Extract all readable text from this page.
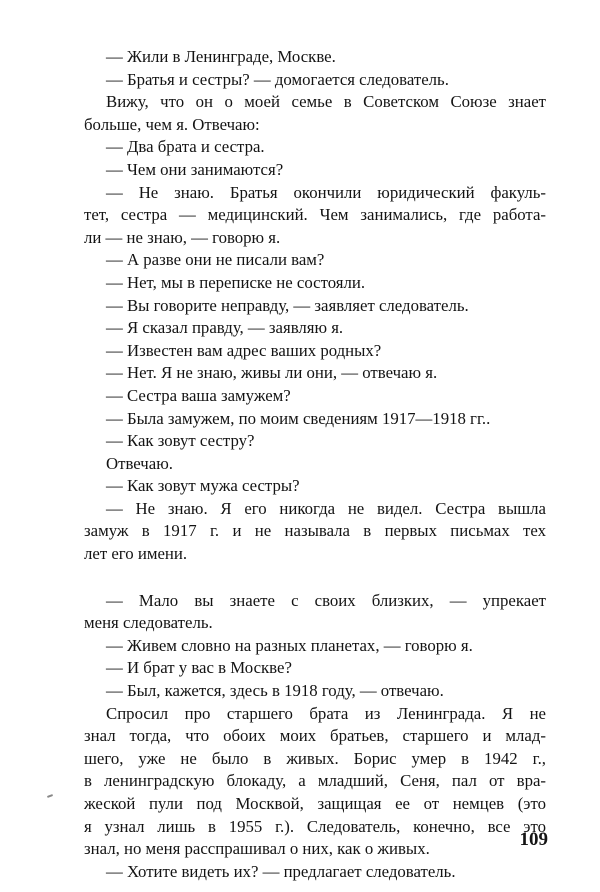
— Жили в Ленинграде, Москве.
— Братья и сестры? — домогается следователь.
Вижу, что он о моей семье в Советском Союзе знает
больше, чем я. Отвечаю:
— Два брата и сестра.
— Чем они занимаются?
— Не знаю. Братья окончили юридический факуль-
тет, сестра — медицинский. Чем занимались, где работа-
ли — не знаю, — говорю я.
— А разве они не писали вам?
— Нет, мы в переписке не состояли.
— Вы говорите неправду, — заявляет следователь.
— Я сказал правду, — заявляю я.
— Известен вам адрес ваших родных?
— Нет. Я не знаю, живы ли они, — отвечаю я.
— Сестра ваша замужем?
— Была замужем, по моим сведениям 1917—1918 гг..
— Как зовут сестру?
Отвечаю.
— Как зовут мужа сестры?
— Не знаю. Я его никогда не видел. Сестра вышла
замуж в 1917 г. и не называла в первых письмах тех
лет его имени.
— Мало вы знаете с своих близких, — упрекает
меня следователь.
— Живем словно на разных планетах, — говорю я.
— И брат у вас в Москве?
— Был, кажется, здесь в 1918 году, — отвечаю.
Спросил про старшего брата из Ленинграда. Я не
знал тогда, что обоих моих братьев, старшего и млад-
шего, уже не было в живых. Борис умер в 1942 г.,
в ленинградскую блокаду, а младший, Сеня, пал от вра-
жеской пули под Москвой, защищая ее от немцев (это
я узнал лишь в 1955 г.). Следователь, конечно, все это
знал, но меня расспрашивал о них, как о живых.
— Хотите видеть их? — предлагает следователь.
109
